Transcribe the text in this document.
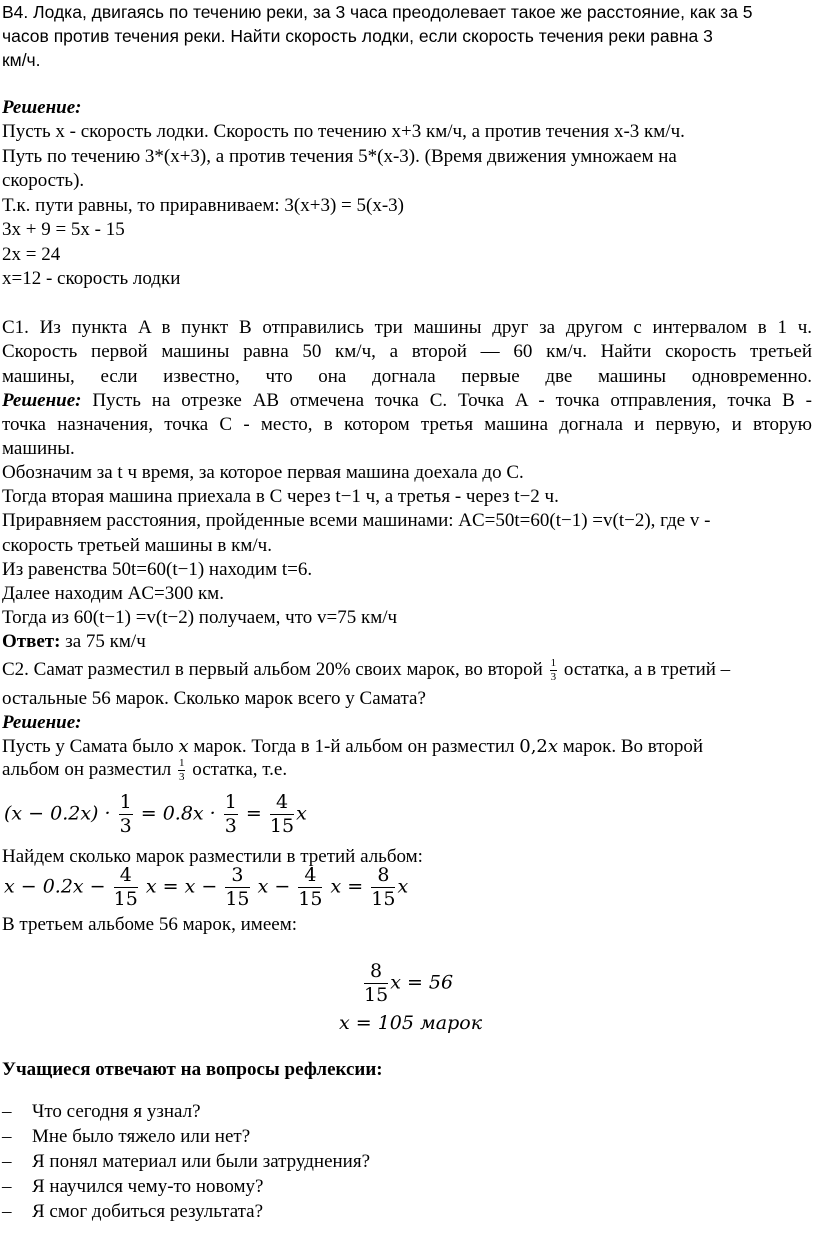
В4. Лодка, двигаясь по течению реки, за 3 часа преодолевает такое же расстояние, как за 5
часов против течения реки. Найти скорость лодки, если скорость течения реки равна 3
км/ч.
Решение:
Пусть x - скорость лодки. Скорость по течению x+3 км/ч, а против течения x-3 км/ч.
Путь по течению 3*(x+3), а против течения 5*(x-3). (Время движения умножаем на
скорость).
Т.к. пути равны, то приравниваем: 3(x+3) = 5(x-3)
3x + 9 = 5x - 15
2x = 24
x=12 - скорость лодки
С1. Из пункта A в пункт B отправились три машины друг за другом с интервалом в 1 ч.
Скорость первой машины равна 50 км/ч, а второй — 60 км/ч. Найти скорость третьей
машины, если известно, что она догнала первые две машины одновременно.
Решение: Пусть на отрезке AB отмечена точка С. Точка A - точка отправления, точка B -
точка назначения, точка С - место, в котором третья машина догнала и первую, и вторую
машины.
Обозначим за t ч время, за которое первая машина доехала до С.
Тогда вторая машина приехала в С через t−1 ч, а третья - через t−2 ч.
Приравняем расстояния, пройденные всеми машинами: AC=50t=60(t−1) =v(t−2), где v -
скорость третьей машины в км/ч.
Из равенства 50t=60(t−1) находим t=6.
Далее находим AC=300 км.
Тогда из 60(t−1) =v(t−2) получаем, что v=75 км/ч
Ответ: за 75 км/ч
С2. Самат разместил в первый альбом 20% своих марок, во второй $\frac{1}{3}$ остатка, а в третий –
остальные 56 марок. Сколько марок всего у Самата?
Решение:
Пусть у Самата было x марок. Тогда в 1-й альбом он разместил 0,2x марок. Во второй
альбом он разместил $\frac{1}{3}$ остатка, т.е.
$(x - 0.2x) \cdot \frac{1}{3} = 0.8x \cdot \frac{1}{3} = \frac{4}{15}$ x
Найдем сколько марок разместили в третий альбом:
$x - 0.2x - \frac{4}{15}$ $x = x - \frac{3}{15}$ $x - \frac{4}{15}$ $x = \frac{8}{15}$ x
В третьем альбоме 56 марок, имеем:
$\frac{8}{15}$ x = 56
x = 105 марок
Учащиеся отвечают на вопросы рефлексии:
– Что сегодня я узнал?
– Мне было тяжело или нет?
– Я понял материал или были затруднения?
– Я научился чему-то новому?
– Я смог добиться результата?
